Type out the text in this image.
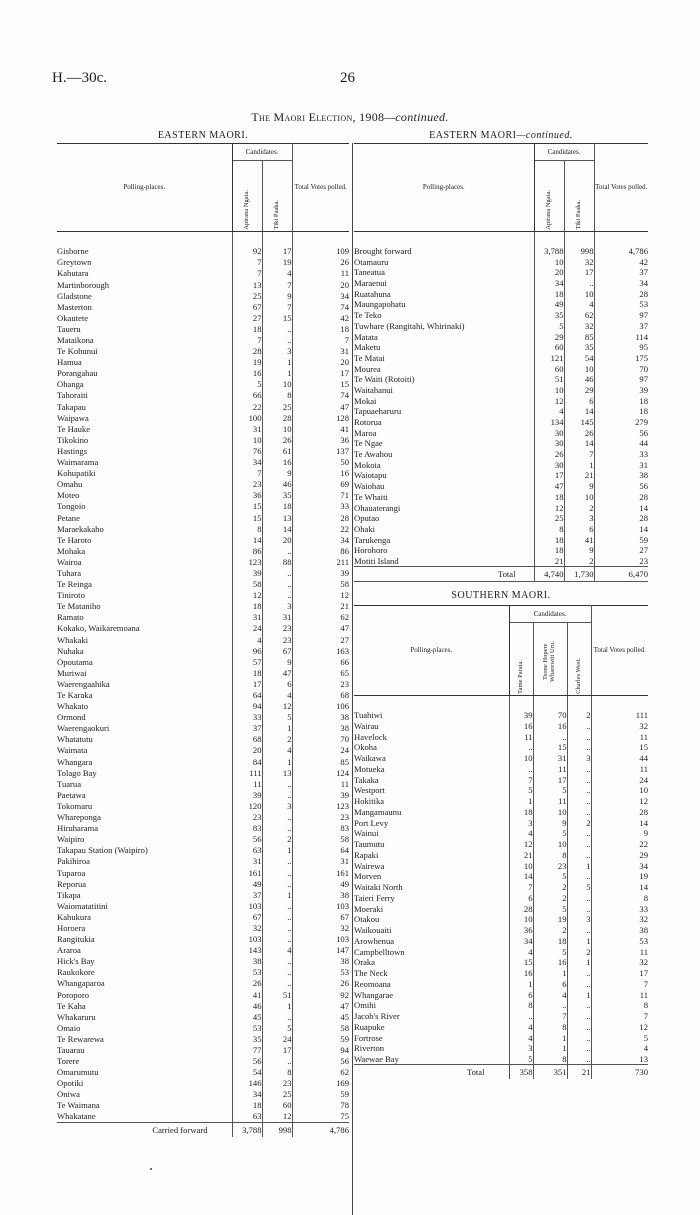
H.—30c.	26
The Maori Election, 1908—continued.
EASTERN MAORI.	EASTERN MAORI—continued.
SOUTHERN MAORI.
Polling-places.	Candidates.		Total Votes polled.
	Apirana Ngata.	Tiki Paaka.	

Gisborne	92	17	109
Greytown	7	19	26
Kahutara	7	4	11
Martinborough	13	7	20
Gladstone	25	9	34
Masterton	67	7	74
Okautete	27	15	42
Taueru	18	..	18
Mataikona	7	..	7
Te Kohunui	28	3	31
Hamua	19	1	20
Porangahau	16	1	17
Ohanga	5	10	15
Tahoraiti	66	8	74
Takapau	22	25	47
Waipawa	100	28	128
Te Hauke	31	10	41
Tikokino	10	26	36
Hastings	76	61	137
Waimarama	34	16	50
Kohupatiki	7	9	16
Omahu	23	46	69
Moteo	36	35	71
Tongoio	15	18	33
Petane	15	13	28
Maraekakaho	8	14	22
Te Haroto	14	20	34
Mohaka	86	..	86
Wairoa	123	88	211
Tuhara	39	..	39
Te Reinga	58	..	58
Tiniroto	12	..	12
Te Mataniho	18	3	21
Ramato	31	31	62
Kokako, Waikaremoana	24	23	47
Whakaki	4	23	27
Nuhaka	96	67	163
Opoutama	57	9	66
Muriwai	18	47	65
Waerengaahika	17	6	23
Te Karaka	64	4	68
Whakato	94	12	106
Ormond	33	5	38
Waerengaokuri	37	1	38
Whatatutu	68	2	70
Waimata	20	4	24
Whangara	84	1	85
Tolago Bay	111	13	124
Tuarua	11	..	11
Paetawa	39	..	39
Tokomaru	120	3	123
Whareponga	23	..	23
Hiruharama	83	..	83
Waipiro	56	2	58
Takapau Station (Waipiro)	63	1	64
Pakihiroa	31	..	31
Tuparoa	161	..	161
Reporua	49	..	49
Tikapa	37	1	38
Waiomatatitini	103	..	103
Kahukura	67	..	67
Horoera	32	..	32
Rangitukia	103	..	103
Araroa	143	4	147
Hick's Bay	38	..	38
Raukokore	53	..	53
Whangaparoa	26	..	26
Poroporo	41	51	92
Te Kaha	46	1	47
Whakaruru	45	..	45
Omaio	53	5	58
Te Rewarewa	35	24	59
Tauarau	77	17	94
Torere	56	..	56
Omarumutu	54	8	62
Opotiki	146	23	169
Oniwa	34	25	59
Te Waimana	18	60	78
Whakatane	63	12	75
Carried forward	3,788	998	4,786
Polling-places.	Candidates.		Total Votes polled.
	Apirana Ngata.	Tiki Paaka.	

Brought forward	3,788	998	4,786
Otamauru	10	32	42
Taneatua	20	17	37
Maraenui	34	..	34
Ruatahuna	18	10	28
Maungapohatu	49	4	53
Te Teko	35	62	97
Tuwhare (Rangitahi, Whirinaki)	5	32	37
Matata	29	85	114
Maketu	60	35	95
Te Matai	121	54	175
Mourea	60	10	70
Te Waiti (Rotoiti)	51	46	97
Waitahanui	10	29	39
Mokai	12	6	18
Tapuaeharuru	4	14	18
Rotorua	134	145	279
Maroa	30	26	56
Te Ngae	30	14	44
Te Awahou	26	7	33
Mokoia	30	1	31
Waiotapu	17	21	38
Waiohau	47	9	56
Te Whaiti	18	10	28
Ohauaterangi	12	2	14
Oputao	25	3	28
Ohaki	8	6	14
Tarukenga	18	41	59
Horohoro	18	9	27
Motiti Island	21	2	23
Total	4,740	1,730	6,470
Polling-places.	Candidates.			Total Votes polled.
	Tame Parata.	Teone Hopere Wharewiti Uru.	Charles West.	

Tuahiwi	39	70	2	111
Wairau	16	16	..	32
Havelock	11	..	..	11
Okoha	..	15	..	15
Waikawa	10	31	3	44
Motueka	..	11	..	11
Takaka	7	17	..	24
Westport	5	5	..	10
Hokitika	1	11	..	12
Mangamaunu	18	10	..	28
Port Levy	3	9	2	14
Wainui	4	5	..	9
Taumutu	12	10	..	22
Rapaki	21	8	..	29
Wairewa	10	23	1	34
Morven	14	5	..	19
Waitaki North	7	2	5	14
Taieri Ferry	6	2	..	8
Moeraki	28	5	..	33
Otakou	10	19	3	32
Waikouaiti	36	2	..	38
Arowhenua	34	18	1	53
Campbelltown	4	5	2	11
Oraka	15	16	1	32
The Neck	16	1	..	17
Reomoana	1	6	..	7
Whangarae	6	4	1	11
Omihi	8	..	..	8
Jacob's River	..	7	..	7
Ruapuke	4	8	..	12
Fortrose	4	1	..	5
Riverton	3	1	..	4
Waewae Bay	5	8	..	13
Total	358	351	21	730
